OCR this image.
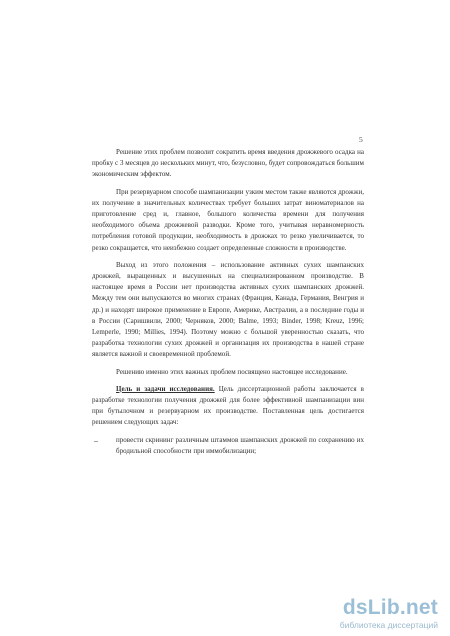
5

Решение этих проблем позволит сократить время введения дрожжевого осадка на пробку с 3 месяцев до нескольких минут, что, безусловно, будет сопровождаться большим экономическим эффектом.

При резервуарном способе шампанизации узким местом также являются дрожжи, их получение в значительных количествах требует больших затрат виноматериалов на приготовление сред и, главное, большого количества времени для получения необходимого объема дрожжевой разводки. Кроме того, учитывая неравномерность потребления готовой продукции, необходимость в дрожжах то резко увеличивается, то резко сокращается, что неизбежно создает определенные сложности в производстве.

Выход из этого положения – использование активных сухих шампанских дрожжей, выращенных и высушенных на специализированном производстве. В настоящее время в России нет производства активных сухих шампанских дрожжей. Между тем они выпускаются во многих странах (Франция, Канада, Германия, Венгрия и др.) и находят широкое применение в Европе, Америке, Австралии, а в последние годы и в России (Саришвили, 2000; Черняков, 2000; Balme, 1993; Binder, 1998; Kreuz, 1996; Lemperle, 1990; Millies, 1994). Поэтому можно с большой уверенностью сказать, что разработка технологии сухих дрожжей и организация их производства в нашей стране является важной и своевременной проблемой.

Решению именно этих важных проблем посвящено настоящее исследование.

Цель и задачи исследования. Цель диссертационной работы заключается в разработке технологии получения дрожжей для более эффективной шампанизации вин при бутылочном и резервуарном их производстве. Поставленная цель достигается решением следующих задач:

–	провести скрининг различным штаммов шампанских дрожжей по сохранению их бродильной способности при иммобилизации;
dsLib.net
библиотека диссертаций
